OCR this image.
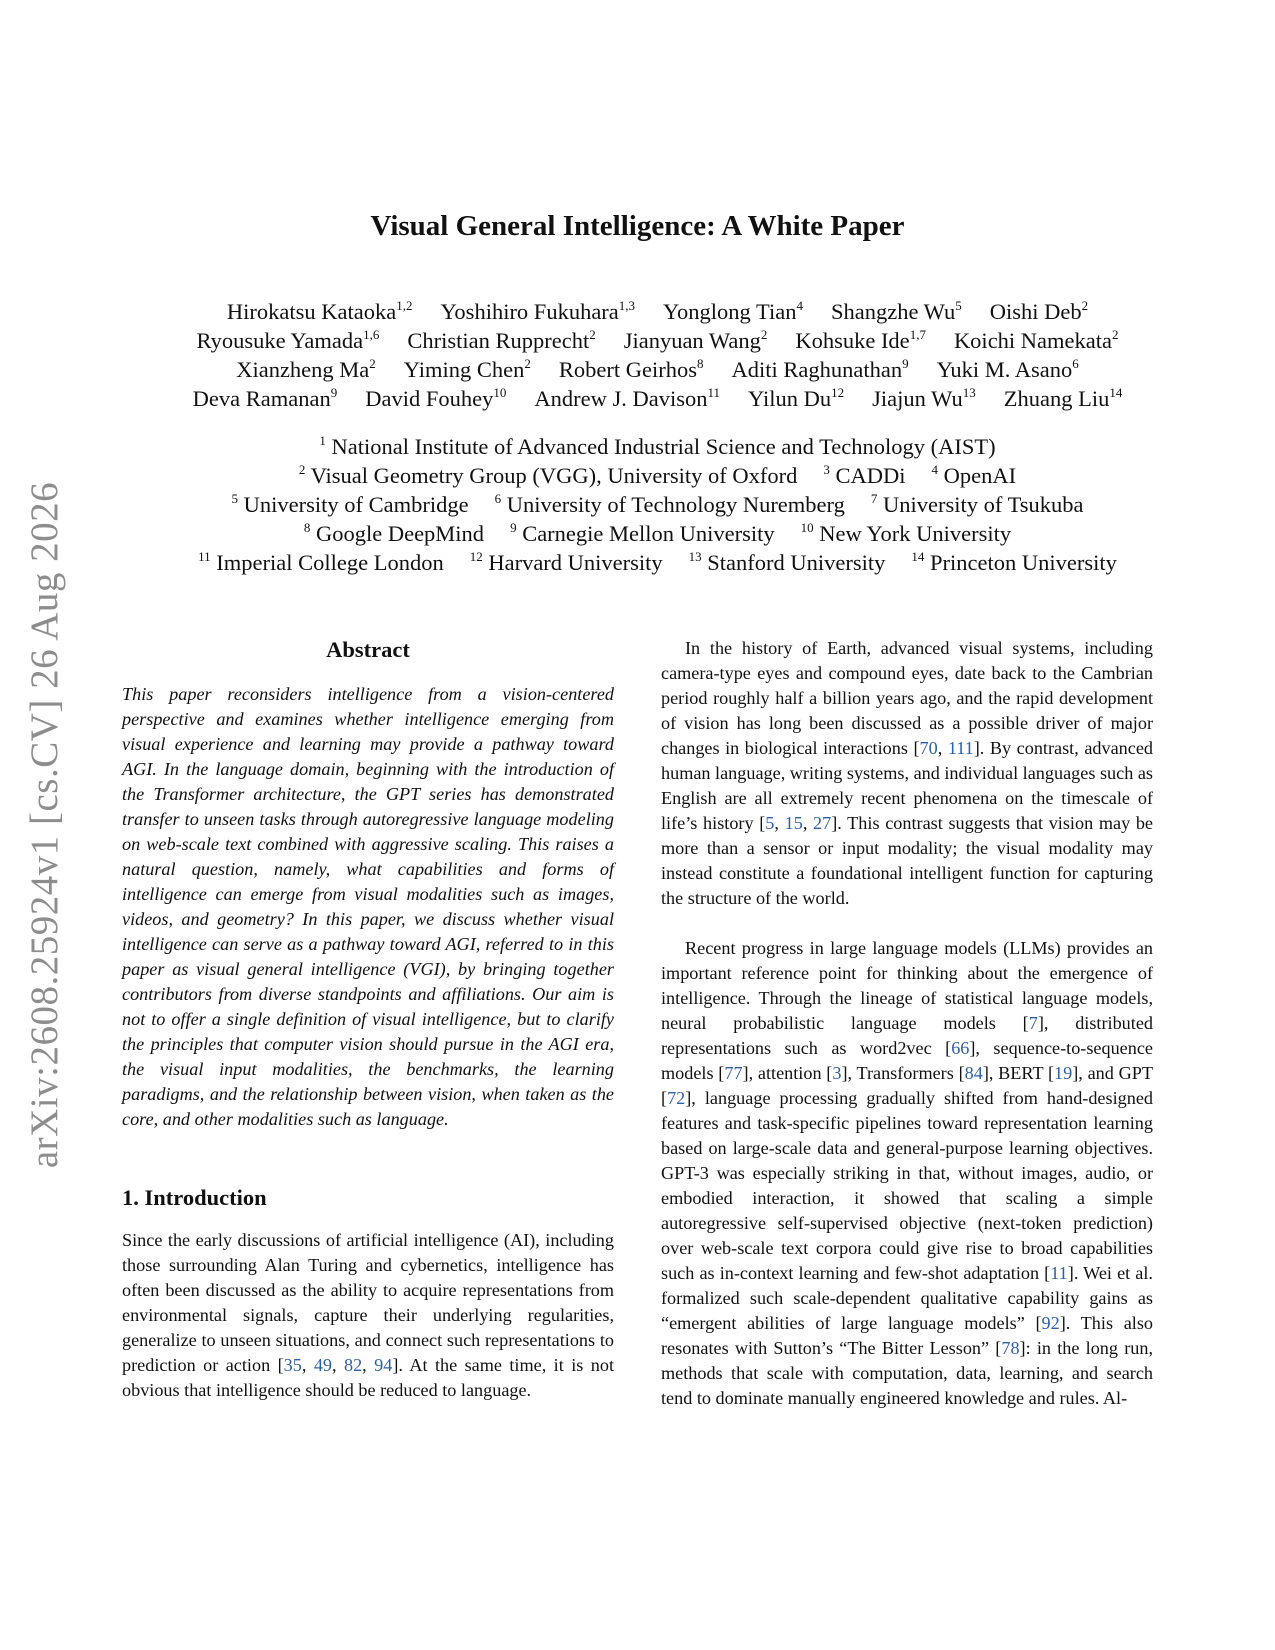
arXiv:2608.25924v1 [cs.CV] 26 Aug 2026
Visual General Intelligence: A White Paper
Hirokatsu Kataoka$^{1,2}$ Yoshihiro Fukuhara$^{1,3}$ Yonglong Tian$^4$ Shangzhe Wu$^5$ Oishi Deb$^2$
Ryousuke Yamada$^{1,6}$ Christian Rupprecht$^2$ Jianyuan Wang$^2$ Kohsuke Ide$^{1,7}$ Koichi Namekata$^2$
Xianzheng Ma$^2$ Yiming Chen$^2$ Robert Geirhos$^8$ Aditi Raghunathan$^9$ Yuki M. Asano$^6$
Deva Ramanan$^9$ David Fouhey$^{10}$ Andrew J. Davison$^{11}$ Yilun Du$^{12}$ Jiajun Wu$^{13}$ Zhuang Liu$^{14}$
$^1$ National Institute of Advanced Industrial Science and Technology (AIST)
$^2$ Visual Geometry Group (VGG), University of Oxford $^3$ CADDi $^4$ OpenAI
$^5$ University of Cambridge $^6$ University of Technology Nuremberg $^7$ University of Tsukuba
$^8$ Google DeepMind $^9$ Carnegie Mellon University $^{10}$ New York University
$^{11}$ Imperial College London $^{12}$ Harvard University $^{13}$ Stanford University $^{14}$ Princeton University
Abstract

This paper reconsiders intelligence from a vision-centered perspective and examines whether intelligence emerging from visual experience and learning may provide a pathway toward AGI. In the language domain, beginning with the introduction of the Transformer architecture, the GPT series has demonstrated transfer to unseen tasks through autoregressive language modeling on web-scale text combined with aggressive scaling. This raises a natural question, namely, what capabilities and forms of intelligence can emerge from visual modalities such as images, videos, and geometry? In this paper, we discuss whether visual intelligence can serve as a pathway toward AGI, referred to in this paper as visual general intelligence (VGI), by bringing together contributors from diverse standpoints and affiliations. Our aim is not to offer a single definition of visual intelligence, but to clarify the principles that computer vision should pursue in the AGI era, the visual input modalities, the benchmarks, the learning paradigms, and the relationship between vision, when taken as the core, and other modalities such as language.

1. Introduction

Since the early discussions of artificial intelligence (AI), including those surrounding Alan Turing and cybernetics, intelligence has often been discussed as the ability to acquire representations from environmental signals, capture their underlying regularities, generalize to unseen situations, and connect such representations to prediction or action [35, 49, 82, 94]. At the same time, it is not obvious that intelligence should be reduced to language.

In the history of Earth, advanced visual systems, including camera-type eyes and compound eyes, date back to the Cambrian period roughly half a billion years ago, and the rapid development of vision has long been discussed as a possible driver of major changes in biological interactions [70, 111]. By contrast, advanced human language, writing systems, and individual languages such as English are all extremely recent phenomena on the timescale of life’s history [5, 15, 27]. This contrast suggests that vision may be more than a sensor or input modality; the visual modality may instead constitute a foundational intelligent function for capturing the structure of the world.

Recent progress in large language models (LLMs) provides an important reference point for thinking about the emergence of intelligence. Through the lineage of statistical language models, neural probabilistic language models [7], distributed representations such as word2vec [66], sequence-to-sequence models [77], attention [3], Transformers [84], BERT [19], and GPT [72], language processing gradually shifted from hand-designed features and task-specific pipelines toward representation learning based on large-scale data and general-purpose learning objectives. GPT-3 was especially striking in that, without images, audio, or embodied interaction, it showed that scaling a simple autoregressive self-supervised objective (next-token prediction) over web-scale text corpora could give rise to broad capabilities such as in-context learning and few-shot adaptation [11]. Wei et al. formalized such scale-dependent qualitative capability gains as “emergent abilities of large language models” [92]. This also resonates with Sutton’s “The Bitter Lesson” [78]: in the long run, methods that scale with computation, data, learning, and search tend to dominate manually engineered knowledge and rules. Al-
